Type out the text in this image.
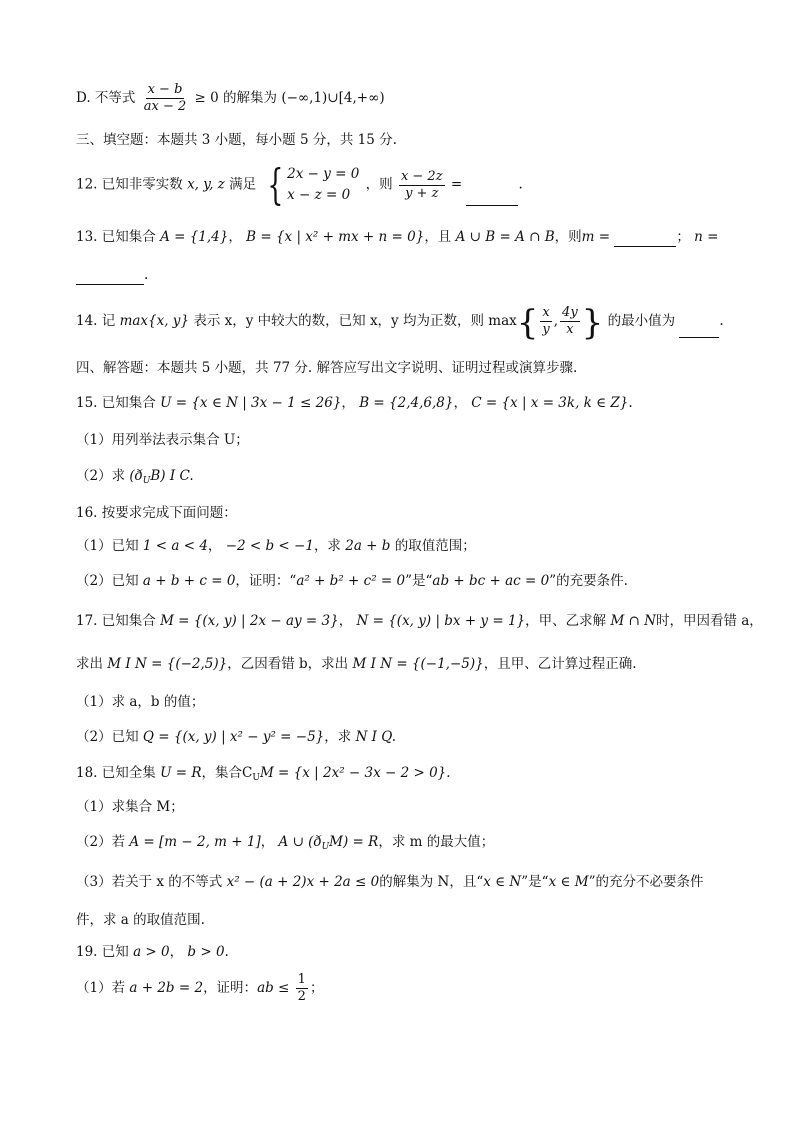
D. 不等式 $\frac{x - b}{ax - 2} \ge 0$ 的解集为 (−∞,1)∪[4,+∞)
三、填空题：本题共 3 小题，每小题 5 分，共 15 分.
12. 已知非零实数 x, y, z 满足 { 2x − y = 0
x − z = 0
，则 $\frac{x - 2z}{y + z}$ =	.
13. 已知集合 A = {1,4}， B = {x | x² + mx + n = 0}，且 A ∪ B = A ∩ B，则m =	； n =
.
14. 记 max{x, y} 表示 x，y 中较大的数，已知 x，y 均为正数，则 $\max\{ \frac{x}{y}$ , $\frac{4y}{x}$ } 的最小值为	.
四、解答题：本题共 5 小题，共 77 分. 解答应写出文字说明、证明过程或演算步骤.
15. 已知集合 U = {x ∈ N | 3x − 1 ≤ 26}， B = {2,4,6,8}， C = {x | x = 3k, k ∈ Z}.
（1）用列举法表示集合 U；
（2）求 $(ð_UB)$ I C.
16. 按要求完成下面问题：
（1）已知 1 < a < 4， −2 < b < −1，求 2a + b 的取值范围；
（2）已知 a + b + c = 0，证明：“a² + b² + c² = 0”是“ab + bc + ac = 0”的充要条件.
17. 已知集合 M = {(x, y) | 2x − ay = 3}， N = {(x, y) | bx + y = 1}，甲、乙求解 M ∩ N时，甲因看错 a，
求出 M I N = {(−2,5)}，乙因看错 b，求出 M I N = {(−1,−5)}，且甲、乙计算过程正确.
（1）求 a，b 的值；
（2）已知 Q = {(x, y) | x² − y² = −5}，求 N I Q.
18. 已知全集 U = R，集合$C_UM = \{x$ | 2x² − 3x − 2 > 0}.
（1）求集合 M；
（2）若 A = [m − 2, m + 1]， A ∪ $(ð_UM) = R$，求 m 的最大值；
（3）若关于 x 的不等式 x² − (a + 2)x + 2a ≤ 0的解集为 N，且“x ∈ N”是“x ∈ M”的充分不必要条件
件，求 a 的取值范围.
19. 已知 a > 0， b > 0.
（1）若 a + 2b = 2，证明：ab ≤ $\frac{1}{2}$ ；
